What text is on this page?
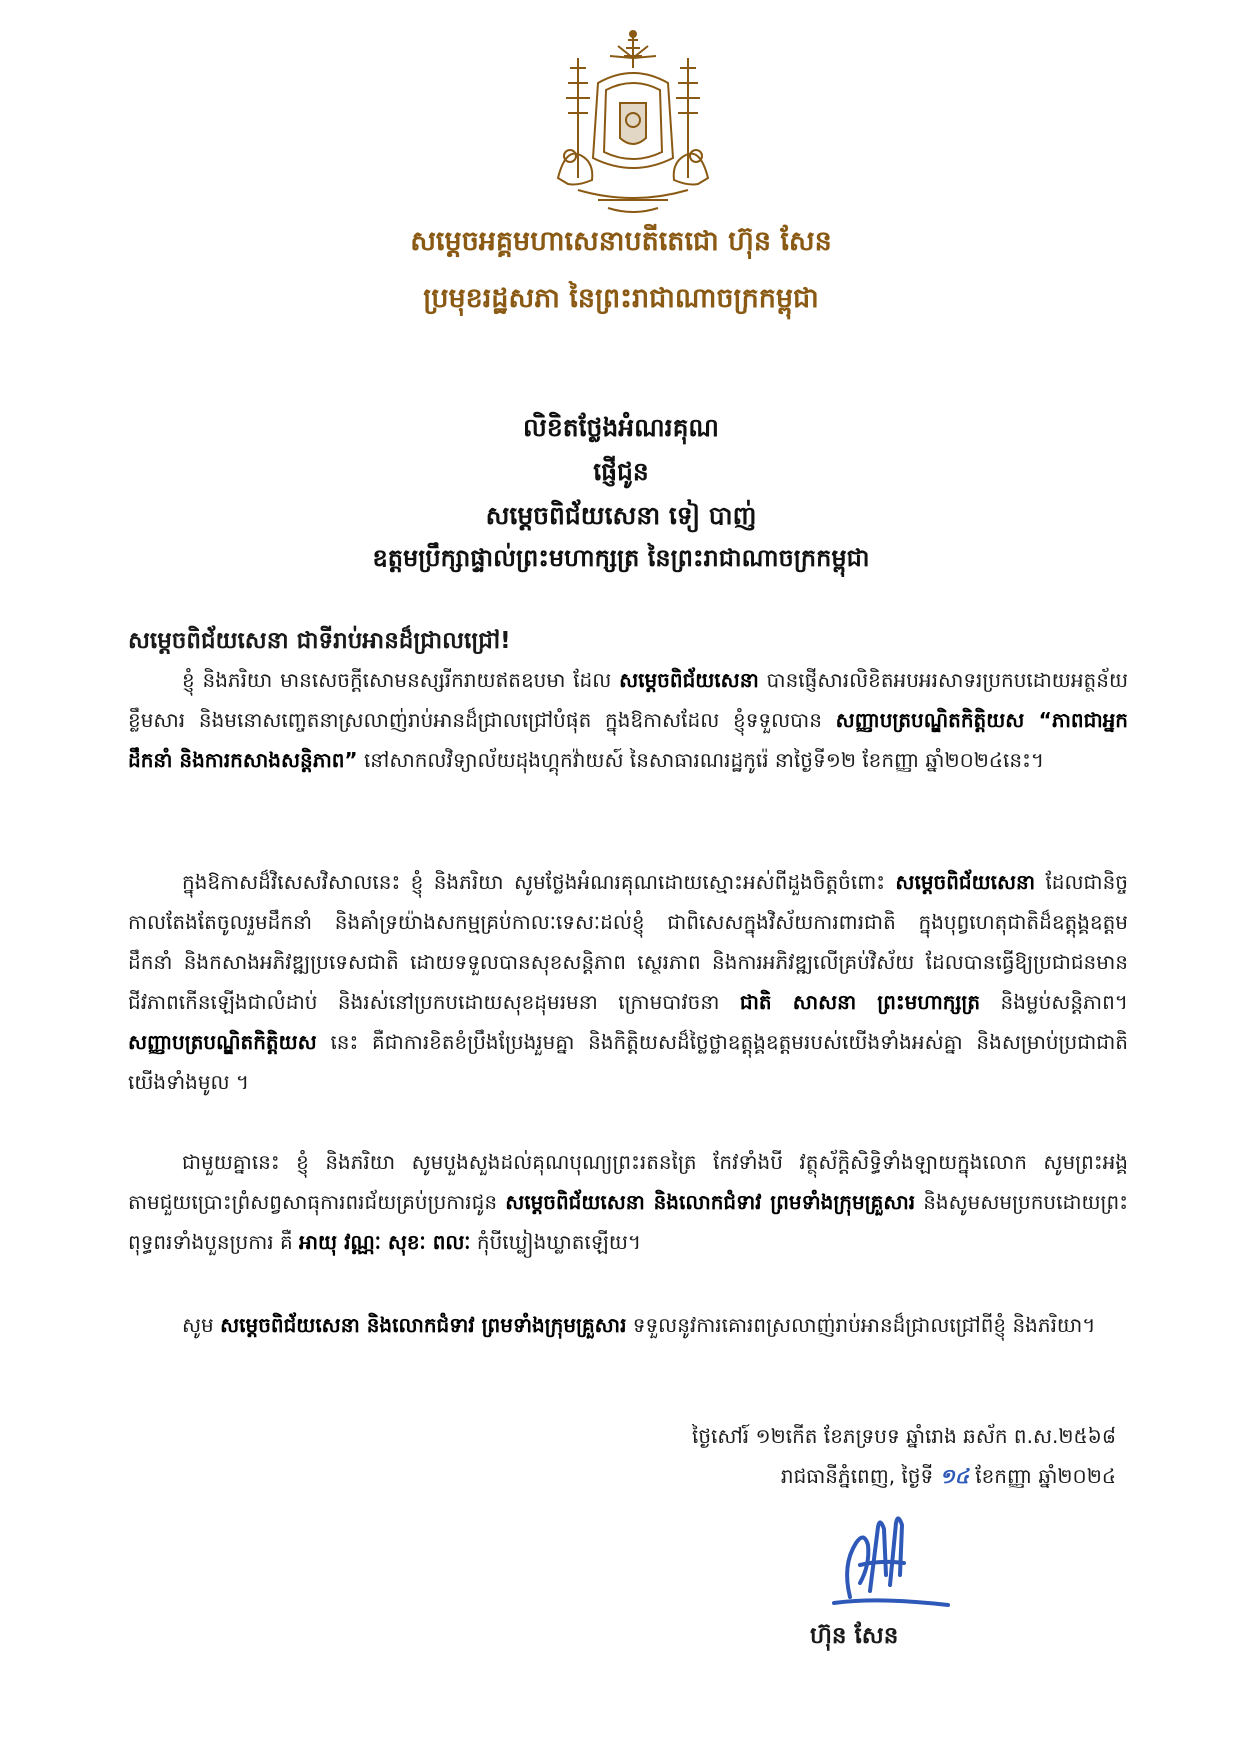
សម្តេចអគ្គមហាសេនាបតីតេជោ ហ៊ុន សែន
ប្រមុខរដ្ឋសភា នៃព្រះរាជាណាចក្រកម្ពុជា
លិខិតថ្លែងអំណរគុណ
ផ្ញើជូន
សម្តេចពិជ័យសេនា ទៀ បាញ់
ឧត្តមប្រឹក្សាផ្ទាល់ព្រះមហាក្សត្រ នៃព្រះរាជាណាចក្រកម្ពុជា
សម្តេចពិជ័យសេនា ជាទីរាប់អានដ៏ជ្រាលជ្រៅ!
ខ្ញុំ និងភរិយា មានសេចក្តីសោមនស្សរីករាយឥតឧបមា ដែល សម្តេចពិជ័យសេនា បានផ្ញើសារលិខិតអបអរសាទរប្រកបដោយអត្ថន័យខ្លឹមសារ និងមនោសញ្ចេតនាស្រលាញ់រាប់អានដ៏ជ្រាលជ្រៅបំផុត ក្នុងឱកាសដែល ខ្ញុំទទួលបាន សញ្ញាបត្របណ្ឌិតកិត្តិយស “ភាពជាអ្នកដឹកនាំ និងការកសាងសន្តិភាព” នៅសាកលវិទ្យាល័យដុងហ្គុកវ៉ាយស៍ នៃសាធារណរដ្ឋកូរ៉េ នាថ្ងៃទី១២ ខែកញ្ញា ឆ្នាំ២០២៤នេះ។
ក្នុងឱកាសដ៏វិសេសវិសាលនេះ ខ្ញុំ និងភរិយា សូមថ្លែងអំណរគុណដោយស្មោះអស់ពីដួងចិត្តចំពោះ សម្តេចពិជ័យសេនា ដែលជានិច្ចកាលតែងតែចូលរួមដឹកនាំ និងគាំទ្រយ៉ាងសកម្មគ្រប់កាលៈទេសៈដល់ខ្ញុំ ជាពិសេសក្នុងវិស័យការពារជាតិ ក្នុងបុព្វហេតុជាតិដ៏ឧត្តុង្គឧត្តម ដឹកនាំ និងកសាងអភិវឌ្ឍប្រទេសជាតិ ដោយទទួលបានសុខសន្តិភាព ស្ថេរភាព និងការអភិវឌ្ឍលើគ្រប់វិស័យ ដែលបានធ្វើឱ្យប្រជាជនមានជីវភាពកើនឡើងជាលំដាប់ និងរស់នៅប្រកបដោយសុខដុមរមនា ក្រោមបាវចនា ជាតិ សាសនា ព្រះមហាក្សត្រ និងម្លប់សន្តិភាព។ សញ្ញាបត្របណ្ឌិតកិត្តិយស នេះ គឺជាការខិតខំប្រឹងប្រែងរួមគ្នា និងកិត្តិយសដ៏ថ្លៃថ្លាឧត្តុង្គឧត្តមរបស់យើងទាំងអស់គ្នា និងសម្រាប់ប្រជាជាតិយើងទាំងមូល ។
ជាមួយគ្នានេះ ខ្ញុំ និងភរិយា សូមបួងសួងដល់គុណបុណ្យព្រះរតនត្រៃ កែវទាំងបី វត្ថុស័ក្តិសិទ្ធិទាំងឡាយក្នុងលោក សូមព្រះអង្គតាមជួយប្រោះព្រំសព្វសាធុការពរជ័យគ្រប់ប្រការជូន សម្តេចពិជ័យសេនា និងលោកជំទាវ ព្រមទាំងក្រុមគ្រួសារ និងសូមសមប្រកបដោយព្រះពុទ្ធពរទាំងបួនប្រការ គឺ អាយុ វណ្ណៈ សុខៈ ពលៈ កុំបីឃ្លៀងឃ្លាតឡើយ។
សូម សម្តេចពិជ័យសេនា និងលោកជំទាវ ព្រមទាំងក្រុមគ្រួសារ ទទួលនូវការគោរពស្រលាញ់រាប់អានដ៏ជ្រាលជ្រៅពីខ្ញុំ និងភរិយា។
ថ្ងៃសៅរ៍ ១២កើត ខែភទ្របទ ឆ្នាំរោង ឆស័ក ព.ស.២៥៦៨
រាជធានីភ្នំពេញ, ថ្ងៃទី ១៤ ខែកញ្ញា ឆ្នាំ២០២៤
ហ៊ុន សែន
